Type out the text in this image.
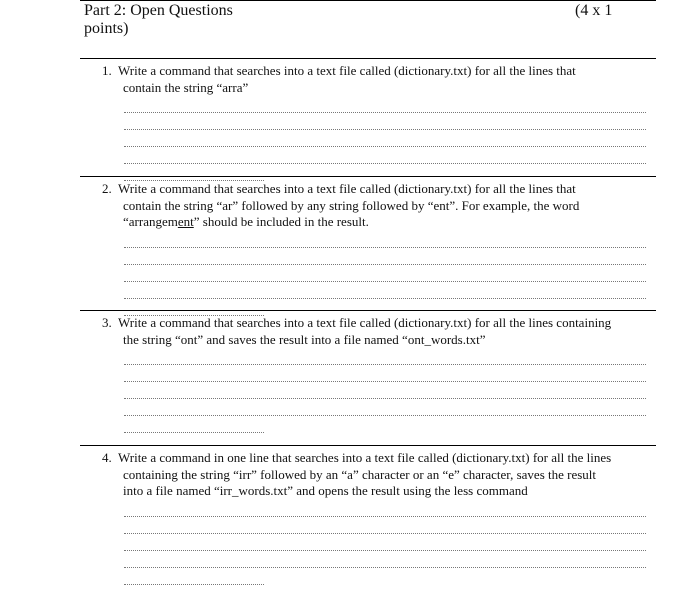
Part 2: Open Questions
points)
(4 x 1
1. Write a command that searches into a text file called (dictionary.txt) for all the lines that
contain the string “arra”
2. Write a command that searches into a text file called (dictionary.txt) for all the lines that
contain the string “ar” followed by any string followed by “ent”. For example, the word
“arrangement” should be included in the result.
3. Write a command that searches into a text file called (dictionary.txt) for all the lines containing
the string “ont” and saves the result into a file named “ont_words.txt”
4. Write a command in one line that searches into a text file called (dictionary.txt) for all the lines
containing the string “irr” followed by an “a” character or an “e” character, saves the result
into a file named “irr_words.txt” and opens the result using the less command
